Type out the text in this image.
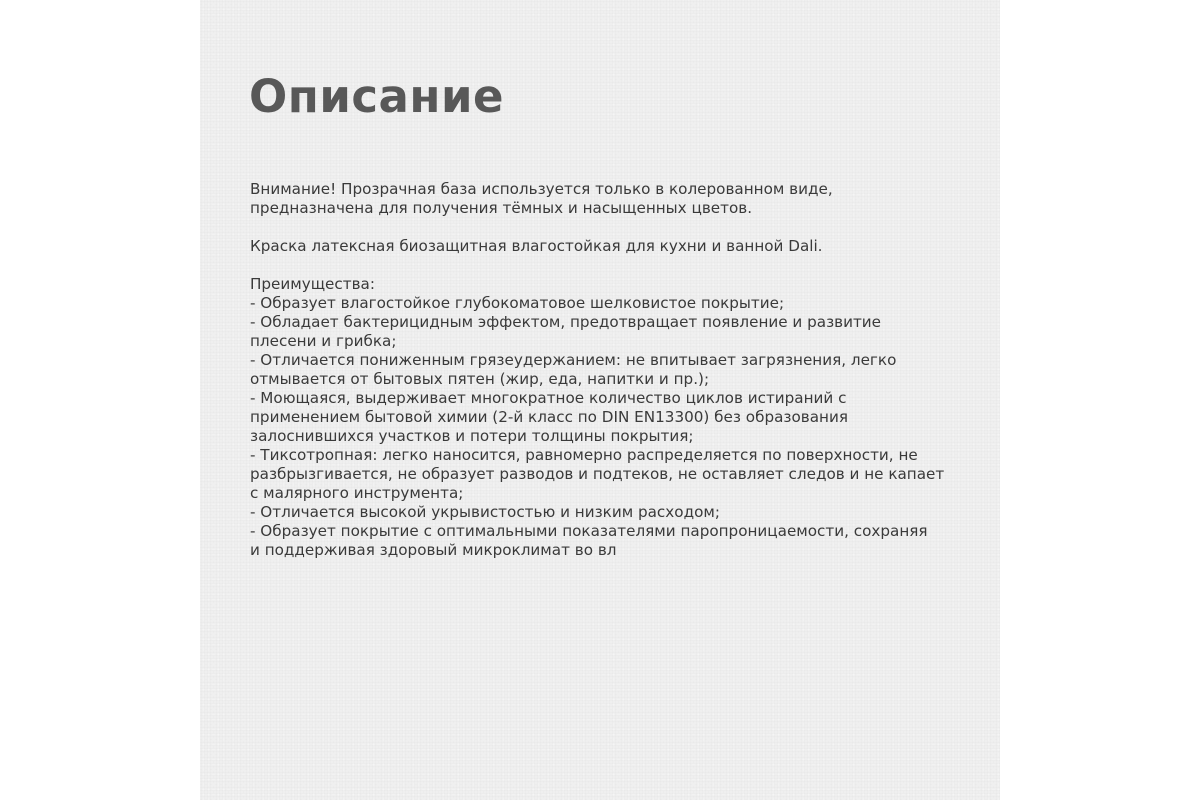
Описание

Внимание! Прозрачная база используется только в колерованном виде,
предназначена для получения тёмных и насыщенных цветов.

Краска латексная биозащитная влагостойкая для кухни и ванной Dali.

Преимущества:
- Образует влагостойкое глубокоматовое шелковистое покрытие;
- Обладает бактерицидным эффектом, предотвращает появление и развитие
плесени и грибка;
- Отличается пониженным грязеудержанием: не впитывает загрязнения, легко
отмывается от бытовых пятен (жир, еда, напитки и пр.);
- Моющаяся, выдерживает многократное количество циклов истираний с
применением бытовой химии (2-й класс по DIN EN13300) без образования
залоснившихся участков и потери толщины покрытия;
- Тиксотропная: легко наносится, равномерно распределяется по поверхности, не
разбрызгивается, не образует разводов и подтеков, не оставляет следов и не капает
с малярного инструмента;
- Отличается высокой укрывистостью и низким расходом;
- Образует покрытие с оптимальными показателями паропроницаемости, сохраняя
и поддерживая здоровый микроклимат во вл
